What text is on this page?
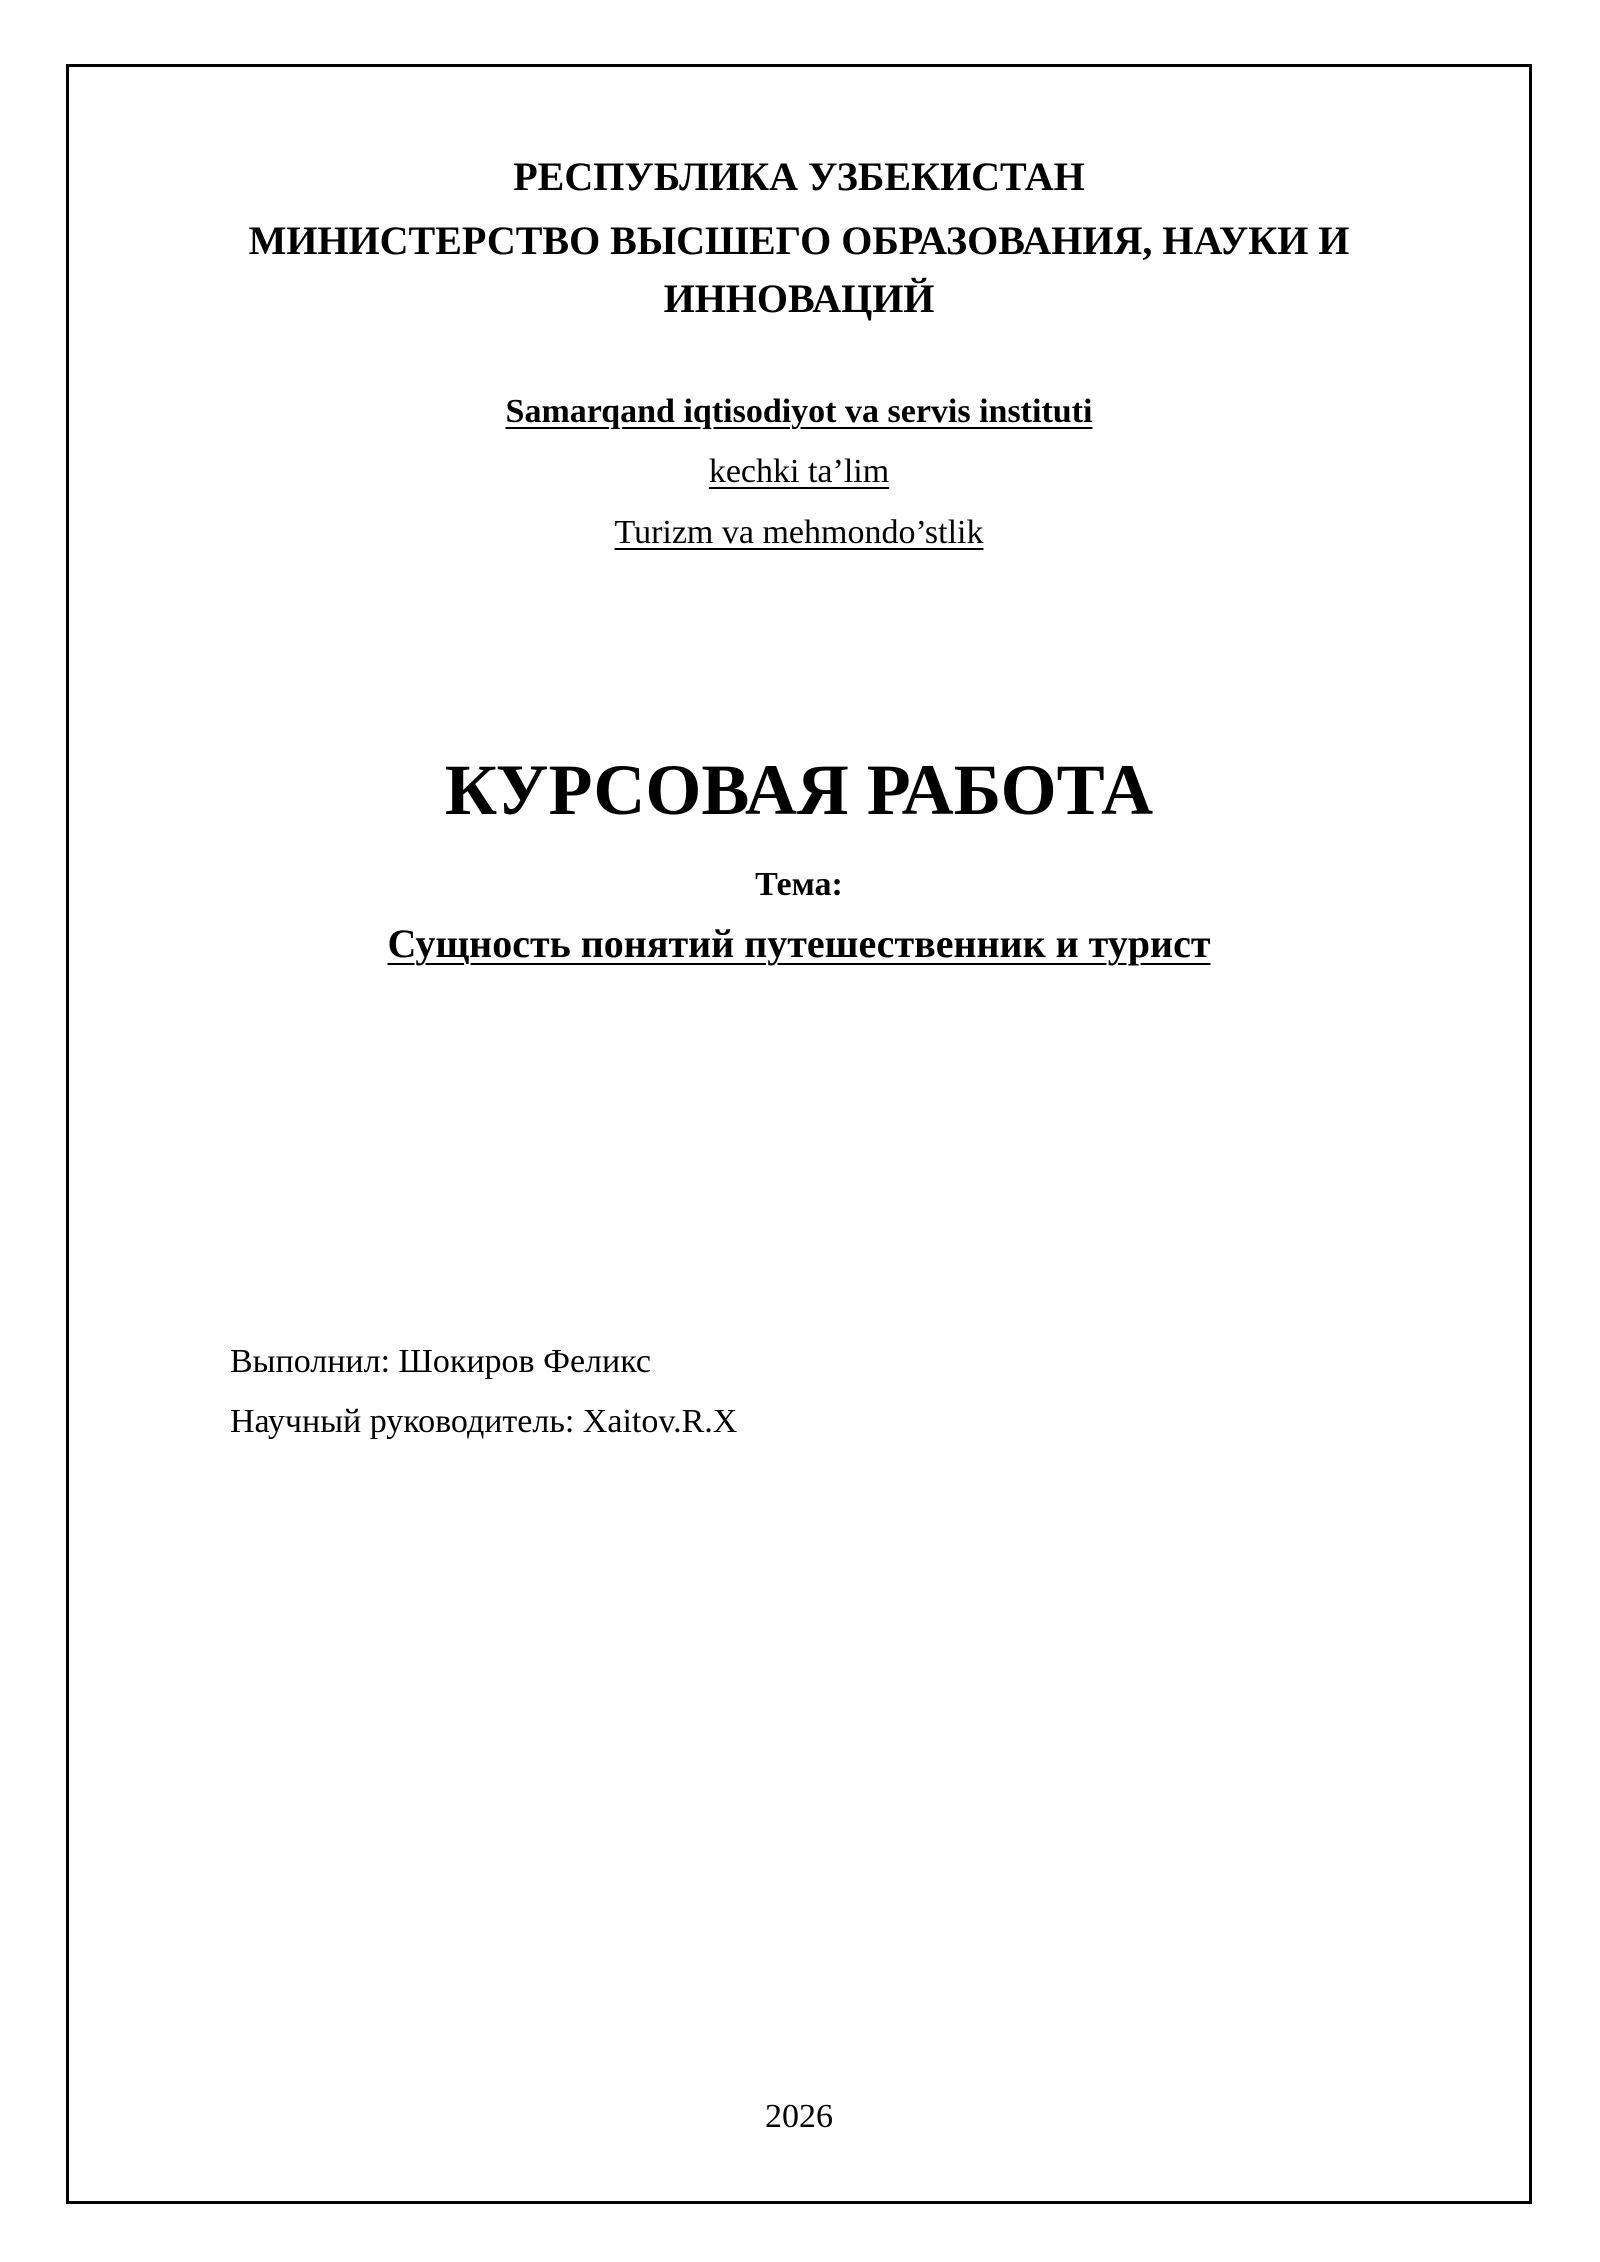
РЕСПУБЛИКА УЗБЕКИСТАН
МИНИСТЕРСТВО ВЫСШЕГО ОБРАЗОВАНИЯ, НАУКИ И
ИННОВАЦИЙ
Samarqand iqtisodiyot va servis instituti
kechki ta’lim
Turizm va mehmondo’stlik
КУРСОВАЯ РАБОТА
Тема:
Сущность понятий путешественник и турист
Выполнил: Шокиров Феликс
Научный руководитель: Xaitov.R.X
2026
